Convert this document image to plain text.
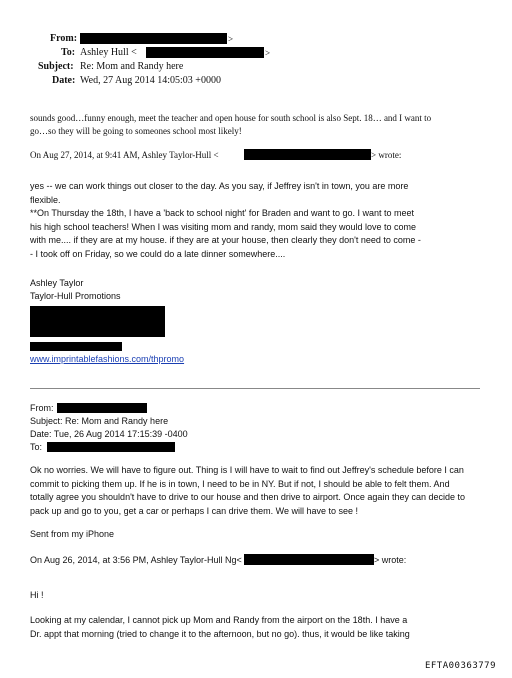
From:	>
To: Ashley Hull <	>
Subject: Re: Mom and Randy here
Date: Wed, 27 Aug 2014 14:05:03 +0000
sounds good…funny enough, meet the teacher and open house for south school is also Sept. 18… and I want to
go…so they will be going to someones school most likely!
On Aug 27, 2014, at 9:41 AM, Ashley Taylor-Hull <	> wrote:
yes -- we can work things out closer to the day. As you say, if Jeffrey isn't in town, you are more
flexible.
**On Thursday the 18th, I have a 'back to school night' for Braden and want to go. I want to meet
his high school teachers! When I was visiting mom and randy, mom said they would love to come
with me.... if they are at my house. if they are at your house, then clearly they don't need to come -
- I took off on Friday, so we could do a late dinner somewhere....
Ashley Taylor
Taylor-Hull Promotions
www.imprintablefashions.com/thpromo
From:
Subject: Re: Mom and Randy here
Date: Tue, 26 Aug 2014 17:15:39 -0400
To:
Ok no worries. We will have to figure out. Thing is I will have to wait to find out Jeffrey's schedule before I can
commit to picking them up. If he is in town, I need to be in NY. But if not, I should be able to felt them. And
totally agree you shouldn't have to drive to our house and then drive to airport. Once again they can decide to
pack up and go to you, get a car or perhaps I can drive them. We will have to see !
Sent from my iPhone
On Aug 26, 2014, at 3:56 PM, Ashley Taylor-Hull Ng<	> wrote:
Hi !
Looking at my calendar, I cannot pick up Mom and Randy from the airport on the 18th. I have a
Dr. appt that morning (tried to change it to the afternoon, but no go). thus, it would be like taking
EFTA00363779
